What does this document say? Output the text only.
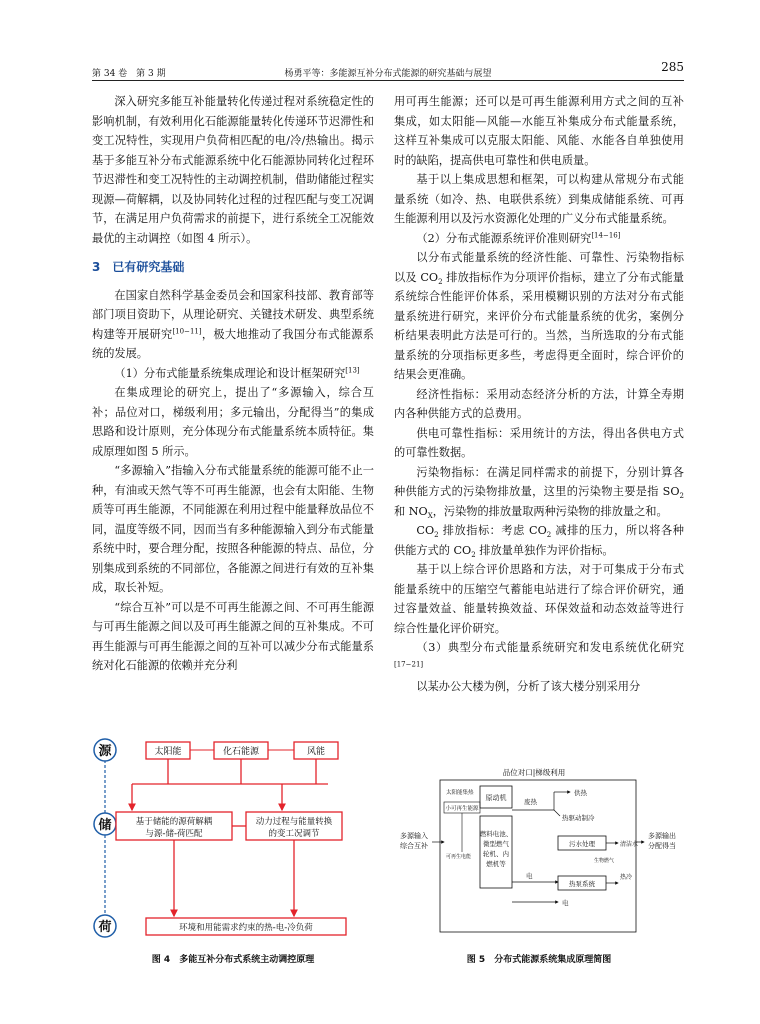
第 34 卷　第 3 期	杨勇平等：多能源互补分布式能源的研究基础与展望	285

深入研究多能互补能量转化传递过程对系统稳定性的影响机制，有效利用化石能源能量转化传递环节迟滞性和变工况特性，实现用户负荷相匹配的电/冷/热输出。揭示基于多能互补分布式能源系统中化石能源协同转化过程环节迟滞性和变工况特性的主动调控机制，借助储能过程实现源—荷解耦，以及协同转化过程的过程匹配与变工况调节，在满足用户负荷需求的前提下，进行系统全工况能效最优的主动调控（如图 4 所示）。

3　 已有研究基础

在国家自然科学基金委员会和国家科技部、教育部等部门项目资助下，从理论研究、关键技术研发、典型系统构建等开展研究[10−11]，极大地推动了我国分布式能源系统的发展。

（1）分布式能量系统集成理论和设计框架研究[13]

在集成理论的研究上，提出了“多源输入，综合互补；品位对口，梯级利用；多元输出，分配得当”的集成思路和设计原则，充分体现分布式能量系统本质特征。集成原理如图 5 所示。

“多源输入”指输入分布式能量系统的能源可能不止一种，有油或天然气等不可再生能源，也会有太阳能、生物质等可再生能源，不同能源在利用过程中能量释放品位不同，温度等级不同，因而当有多种能源输入到分布式能量系统中时，要合理分配，按照各种能源的特点、品位，分别集成到系统的不同部位，各能源之间进行有效的互补集成，取长补短。

“综合互补”可以是不可再生能源之间、不可再生能源与可再生能源之间以及可再生能源之间的互补集成。不可再生能源与可再生能源之间的互补可以减少分布式能量系统对化石能源的依赖并充分利

用可再生能源；还可以是可再生能源利用方式之间的互补集成，如太阳能—风能—水能互补集成分布式能量系统，这样互补集成可以克服太阳能、风能、水能各自单独使用时的缺陷，提高供电可靠性和供电质量。

基于以上集成思想和框架，可以构建从常规分布式能量系统（如冷、热、电联供系统）到集成储能系统、可再生能源利用以及污水资源化处理的广义分布式能量系统。

（2）分布式能源系统评价准则研究[14−16]

以分布式能量系统的经济性能、可靠性、污染物指标以及 $CO_2$ 排放指标作为分项评价指标，建立了分布式能量系统综合性能评价体系，采用模糊识别的方法对分布式能量系统进行研究，来评价分布式能量系统的优劣，案例分析结果表明此方法是可行的。当然，当所选取的分布式能量系统的分项指标更多些，考虑得更全面时，综合评价的结果会更准确。

经济性指标：采用动态经济分析的方法，计算全寿期内各种供能方式的总费用。

供电可靠性指标：采用统计的方法，得出各供电方式的可靠性数据。

污染物指标：在满足同样需求的前提下，分别计算各种供能方式的污染物排放量，这里的污染物主要是指 $SO_2$ 和 $NO_X$，污染物的排放量取两种污染物的排放量之和。

$CO_2$ 排放指标：考虑 $CO_2$ 减排的压力，所以将各种供能方式的 $CO_2$ 排放量单独作为评价指标。

基于以上综合评价思路和方法，对于可集成于分布式能量系统中的压缩空气蓄能电站进行了综合评价研究，通过容量效益、能量转换效益、环保效益和动态效益等进行综合性量化评价研究。

（3）典型分布式能量系统研究和发电系统优化研究[17−21]

以某办公大楼为例，分析了该大楼分别采用分

源
储
荷
太阳能	化石能源	风能
基于储能的源荷解耦
与源-储-荷匹配
动力过程与能量转换
的变工况调节
环境和用能需求约束的热-电-冷负荷
图 4　多能互补分布式系统主动调控原理
品位对口|梯级利用
太阳能集热
小可再生能源
原动机
燃料电池、
微型燃气
轮机、内
燃机等
废热
供热
热驱动制冷
污水处理	清洁水
生物燃气
热泵系统
热冷
电
电
可再生电能
多源输入
综合互补
多源输出
分配得当
图 5　分布式能源系统集成原理简图
